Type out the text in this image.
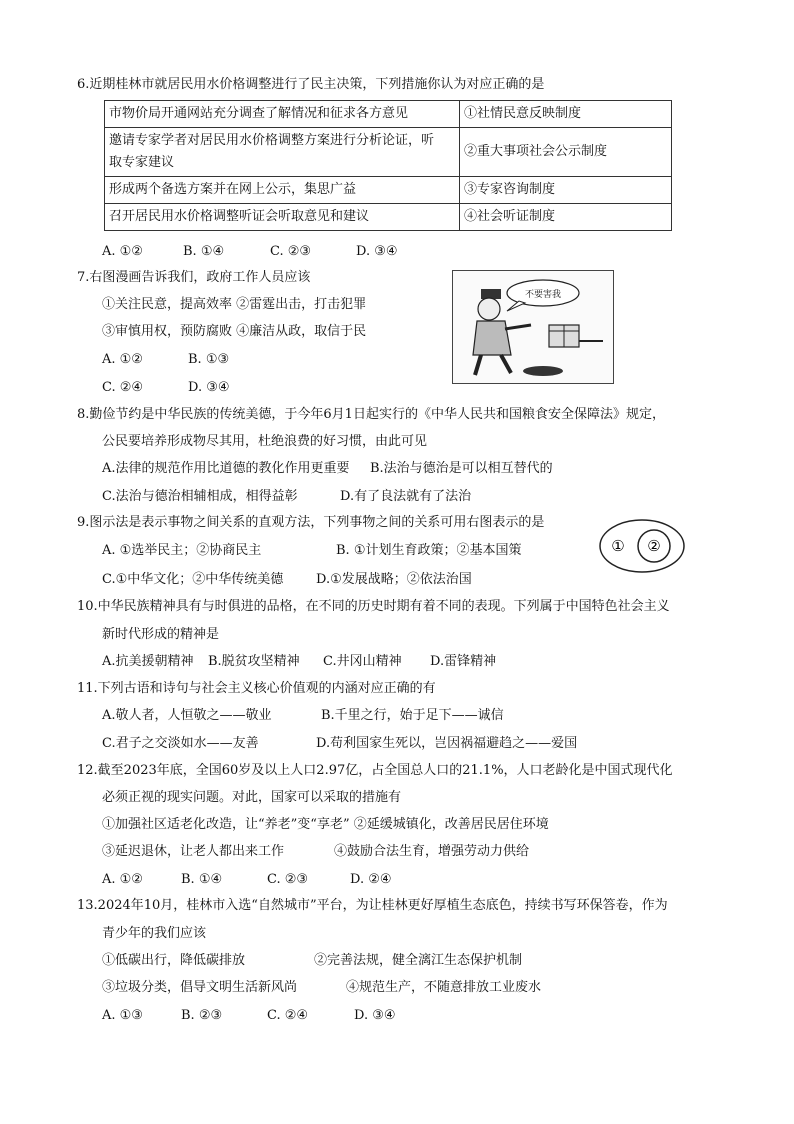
6.近期桂林市就居民用水价格调整进行了民主决策，下列措施你认为对应正确的是
市物价局开通网站充分调查了解情况和征求各方意见	①社情民意反映制度

邀请专家学者对居民用水价格调整方案进行分析论证，听
取专家建议	②重大事项社会公示制度
形成两个备选方案并在网上公示，集思广益	③专家咨询制度
召开居民用水价格调整听证会听取意见和建议	④社会听证制度
A. ①②	B. ①④	C. ②③	D. ③④
7.右图漫画告诉我们，政府工作人员应该
①关注民意，提高效率 ②雷霆出击，打击犯罪
③审慎用权，预防腐败 ④廉洁从政，取信于民
A. ①②	B. ①③
C. ②④	D. ③④
不要害我
8.勤俭节约是中华民族的传统美德，于今年6月1日起实行的《中华人民共和国粮食安全保障法》规定，
公民要培养形成物尽其用，杜绝浪费的好习惯，由此可见
A.法律的规范作用比道德的教化作用更重要 B.法治与德治是可以相互替代的
C.法治与德治相辅相成，相得益彰	D.有了良法就有了法治
9.图示法是表示事物之间关系的直观方法，下列事物之间的关系可用右图表示的是
A. ①选举民主；②协商民主	B. ①计划生育政策；②基本国策
C.①中华文化；②中华传统美德	D.①发展战略；②依法治国
① ②
10.中华民族精神具有与时俱进的品格，在不同的历史时期有着不同的表现。下列属于中国特色社会主义
新时代形成的精神是
A.抗美援朝精神 B.脱贫攻坚精神 C.井冈山精神 D.雷锋精神
11.下列古语和诗句与社会主义核心价值观的内涵对应正确的有
A.敬人者，人恒敬之——敬业	B.千里之行，始于足下——诚信
C.君子之交淡如水——友善	D.苟利国家生死以，岂因祸福避趋之——爱国
12.截至2023年底，全国60岁及以上人口2.97亿，占全国总人口的21.1%，人口老龄化是中国式现代化
必须正视的现实问题。对此，国家可以采取的措施有
①加强社区适老化改造，让“养老”变“享老” ②延缓城镇化，改善居民居住环境
③延迟退休，让老人都出来工作	④鼓励合法生育，增强劳动力供给
A. ①②	B. ①④	C. ②③	D. ②④
13.2024年10月，桂林市入选“自然城市”平台，为让桂林更好厚植生态底色，持续书写环保答卷，作为
青少年的我们应该
①低碳出行，降低碳排放	②完善法规，健全漓江生态保护机制
③垃圾分类，倡导文明生活新风尚	④规范生产，不随意排放工业废水
A. ①③	B. ②③	C. ②④	D. ③④
